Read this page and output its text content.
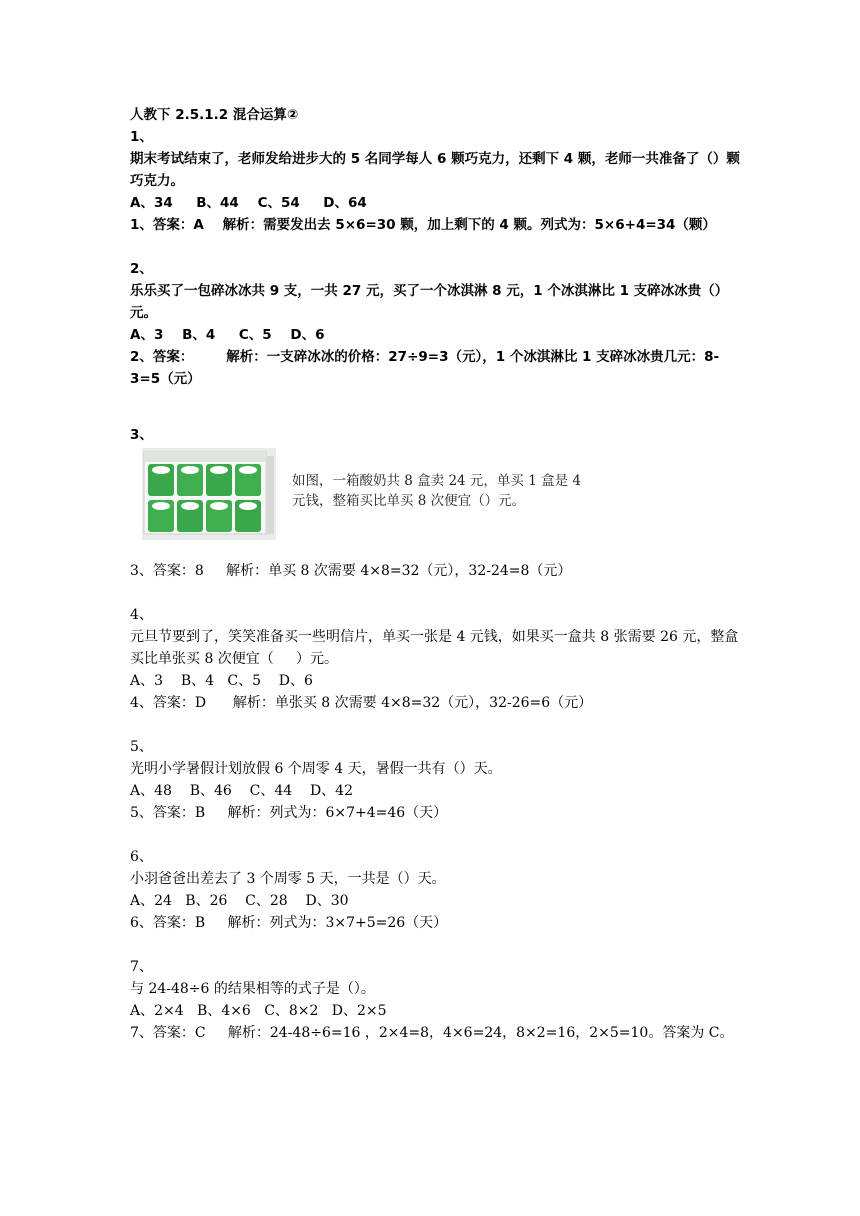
人教下 2.5.1.2 混合运算②
1、
期末考试结束了，老师发给进步大的 5 名同学每人 6 颗巧克力，还剩下 4 颗，老师一共准备了（）颗巧克力。
A、34     B、44    C、54     D、64
1、答案：A    解析：需要发出去 5×6=30 颗，加上剩下的 4 颗。列式为：5×6+4=34（颗）
2、
乐乐买了一包碎冰冰共 9 支，一共 27 元，买了一个冰淇淋 8 元，1 个冰淇淋比 1 支碎冰冰贵（）元。
A、3    B、4     C、5    D、6
2、答案：       解析：一支碎冰冰的价格：27÷9=3（元），1 个冰淇淋比 1 支碎冰冰贵几元：8-3=5（元）
3、
如图，一箱酸奶共 8 盒卖 24 元，单买 1 盒是 4 元钱，整箱买比单买 8 次便宜（）元。
3、答案：8     解析：单买 8 次需要 4×8=32（元），32-24=8（元）
4、
元旦节要到了，笑笑准备买一些明信片，单买一张是 4 元钱，如果买一盒共 8 张需要 26 元，整盒买比单张买 8 次便宜（     ）元。
A、3    B、4   C、5    D、6
4、答案：D      解析：单张买 8 次需要 4×8=32（元），32-26=6（元）
5、
光明小学暑假计划放假 6 个周零 4 天，暑假一共有（）天。
A、48    B、46    C、44    D、42
5、答案：B     解析：列式为：6×7+4=46（天）
6、
小羽爸爸出差去了 3 个周零 5 天，一共是（）天。
A、24   B、26    C、28    D、30
6、答案：B     解析：列式为：3×7+5=26（天）
7、
与 24-48÷6 的结果相等的式子是（）。
A、2×4   B、4×6   C、8×2   D、2×5
7、答案：C     解析：24-48÷6=16 ，2×4=8，4×6=24，8×2=16，2×5=10。答案为 C。
